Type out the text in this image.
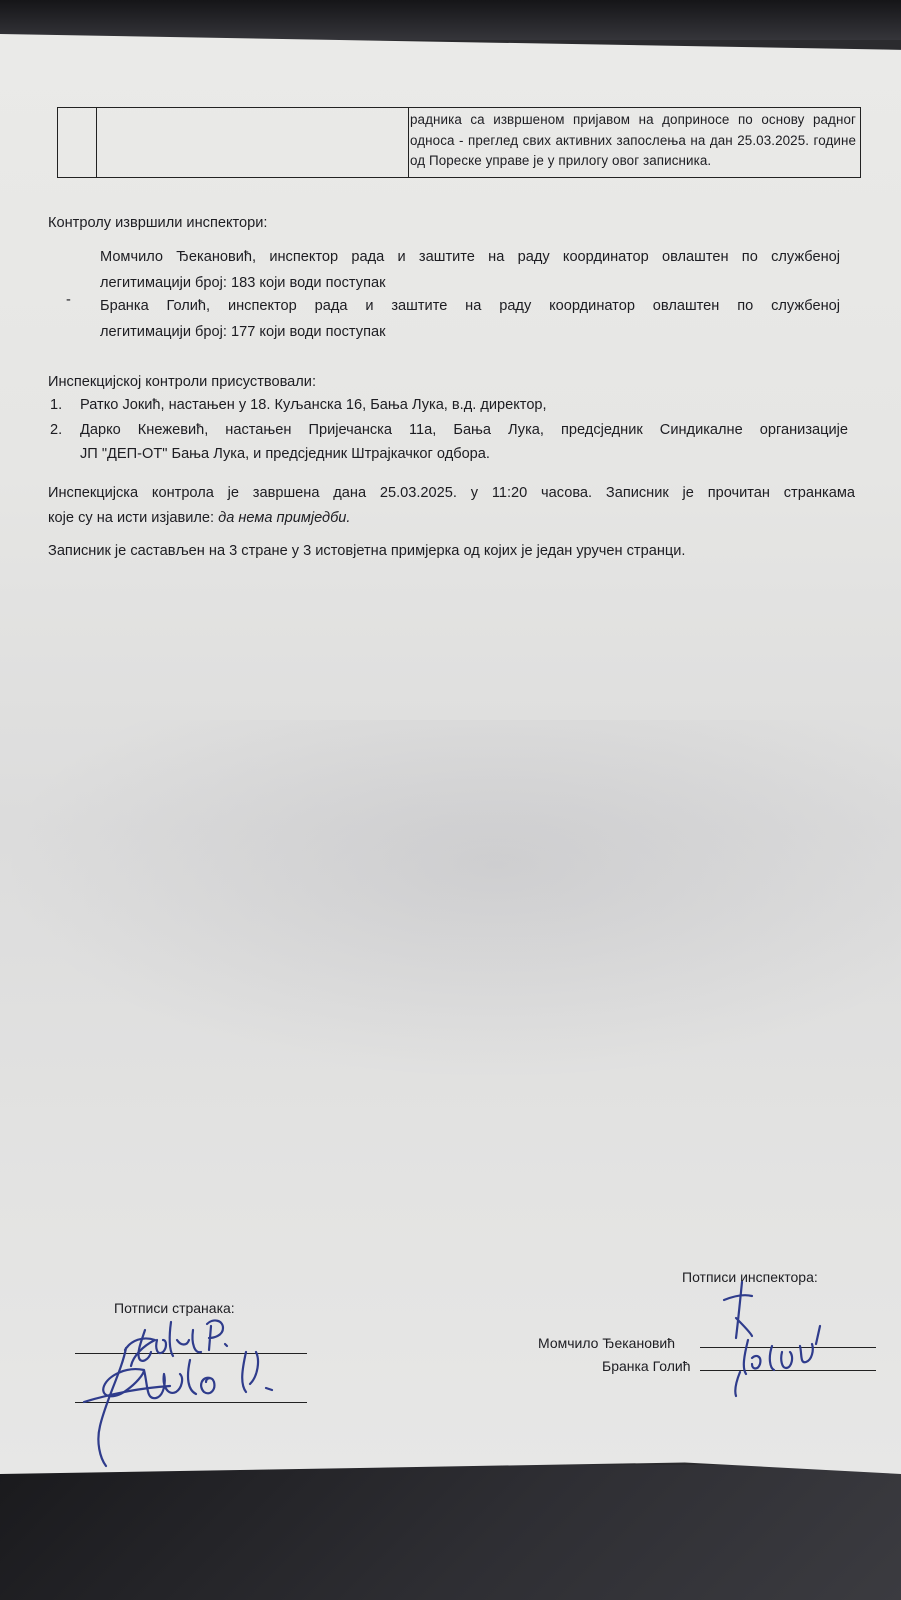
радника са извршеном пријавом на доприносе по основу радног односа - преглед свих активних запослења на дан 25.03.2025. године од Пореске управе је у прилогу овог записника.
Контролу извршили инспектори:
-
Момчило Ђекановић, инспектор рада и заштите на раду координатор овлаштен по службеној
легитимацији број: 183 који води поступак
Бранка Голић, инспектор рада и заштите на раду координатор овлаштен по службеној
легитимацији број: 177 који води поступак
Инспекцијској контроли присуствовали:
1. Ратко Јокић, настањен у 18. Куљанска 16, Бања Лука, в.д. директор,
2. Дарко Кнежевић, настањен Пријечанска 11а, Бања Лука, предсједник Синдикалне организације
ЈП "ДЕП-ОТ" Бања Лука, и предсједник Штрајкачког одбора.
Инспекцијска контрола је завршена дана 25.03.2025. у 11:20 часова. Записник је прочитан странкама
које су на исти изјавиле: да нема примједби.
Записник је састављен на 3 стране у 3 истовјетна примјерка од којих је један уручен странци.
Потписи странака:
Потписи инспектора:
Момчило Ђекановић
Бранка Голић
